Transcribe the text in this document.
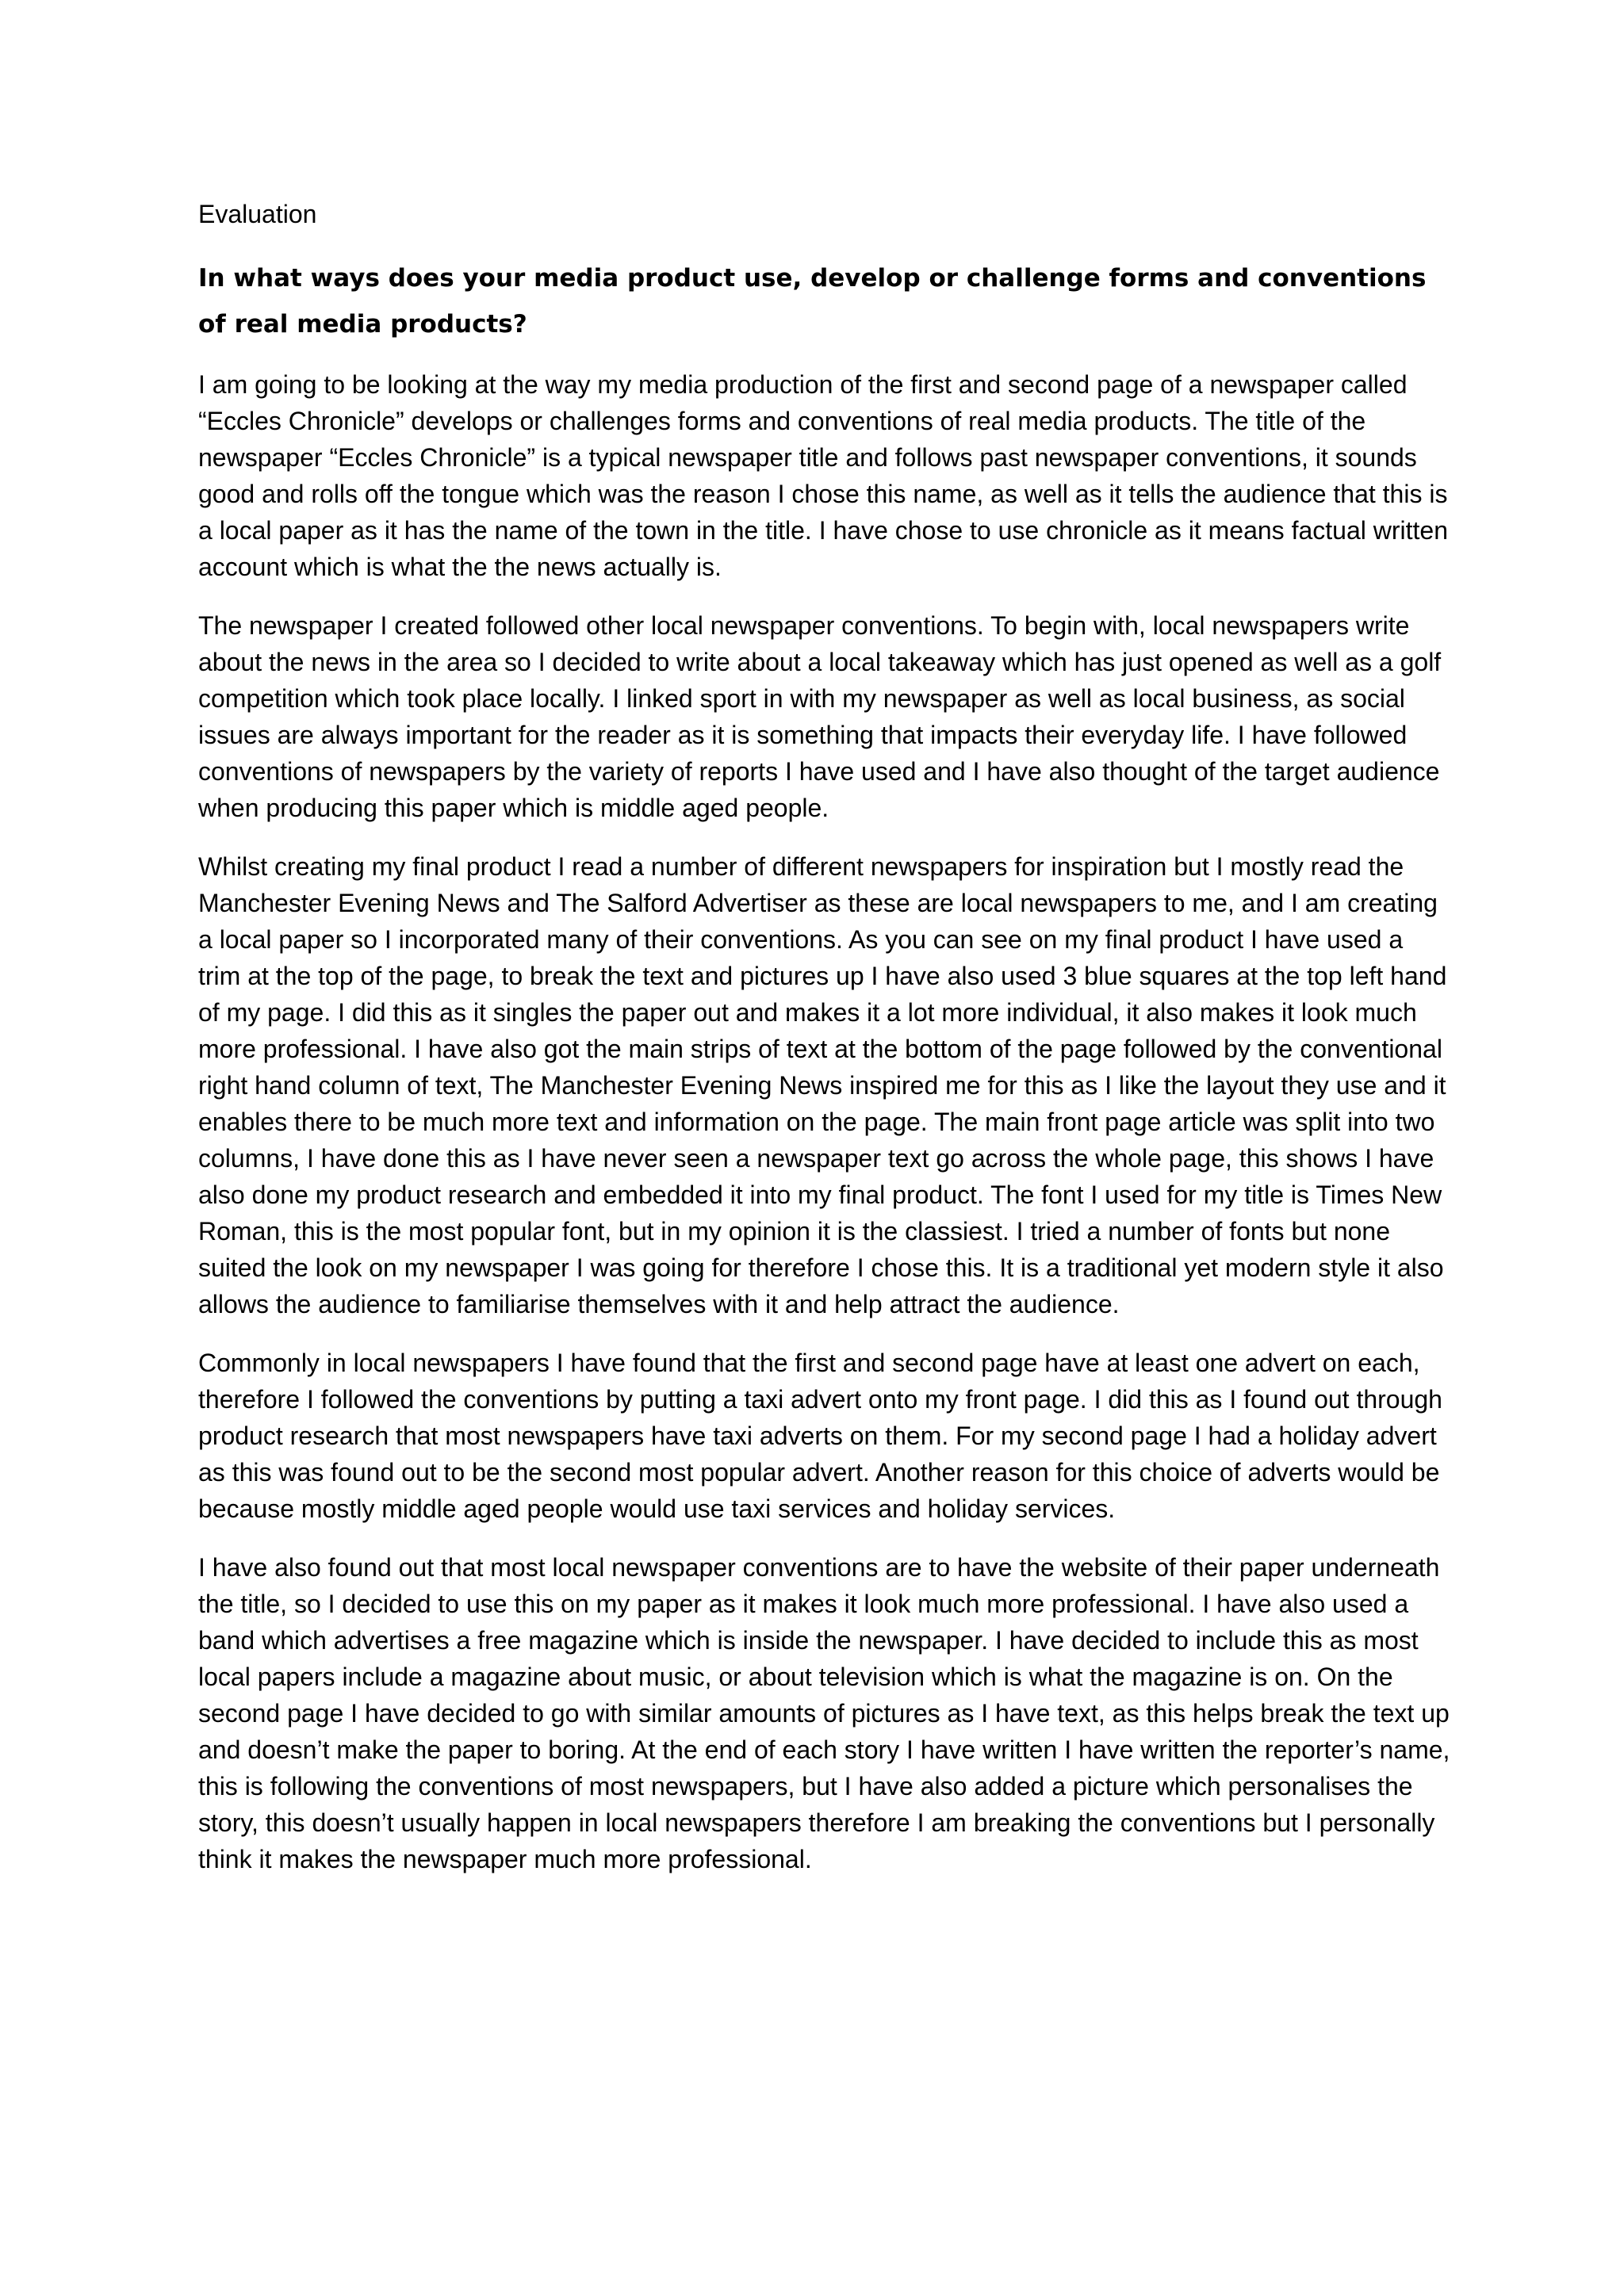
Evaluation
In what ways does your media product use, develop or challenge forms and conventions of real media products?

I am going to be looking at the way my media production of the first and second page of a newspaper called “Eccles Chronicle” develops or challenges forms and conventions of real media products. The title of the newspaper “Eccles Chronicle” is a typical newspaper title and follows past newspaper conventions, it sounds good and rolls off the tongue which was the reason I chose this name, as well as it tells the audience that this is a local paper as it has the name of the town in the title. I have chose to use chronicle as it means factual written account which is what the the news actually is.

The newspaper I created followed other local newspaper conventions. To begin with, local newspapers write about the news in the area so I decided to write about a local takeaway which has just opened as well as a golf competition which took place locally. I linked sport in with my newspaper as well as local business, as social issues are always important for the reader as it is something that impacts their everyday life. I have followed conventions of newspapers by the variety of reports I have used and I have also thought of the target audience when producing this paper which is middle aged people.

Whilst creating my final product I read a number of different newspapers for inspiration but I mostly read the Manchester Evening News and The Salford Advertiser as these are local newspapers to me, and I am creating a local paper so I incorporated many of their conventions. As you can see on my final product I have used a trim at the top of the page, to break the text and pictures up I have also used 3 blue squares at the top left hand of my page. I did this as it singles the paper out and makes it a lot more individual, it also makes it look much more professional. I have also got the main strips of text at the bottom of the page followed by the conventional right hand column of text, The Manchester Evening News inspired me for this as I like the layout they use and it enables there to be much more text and information on the page. The main front page article was split into two columns, I have done this as I have never seen a newspaper text go across the whole page, this shows I have also done my product research and embedded it into my final product. The font I used for my title is Times New Roman, this is the most popular font, but in my opinion it is the classiest. I tried a number of fonts but none suited the look on my newspaper I was going for therefore I chose this. It is a traditional yet modern style it also allows the audience to familiarise themselves with it and help attract the audience.

Commonly in local newspapers I have found that the first and second page have at least one advert on each, therefore I followed the conventions by putting a taxi advert onto my front page. I did this as I found out through product research that most newspapers have taxi adverts on them. For my second page I had a holiday advert as this was found out to be the second most popular advert. Another reason for this choice of adverts would be because mostly middle aged people would use taxi services and holiday services.

I have also found out that most local newspaper conventions are to have the website of their paper underneath the title, so I decided to use this on my paper as it makes it look much more professional. I have also used a band which advertises a free magazine which is inside the newspaper. I have decided to include this as most local papers include a magazine about music, or about television which is what the magazine is on. On the second page I have decided to go with similar amounts of pictures as I have text, as this helps break the text up and doesn’t make the paper to boring. At the end of each story I have written I have written the reporter’s name, this is following the conventions of most newspapers, but I have also added a picture which personalises the story, this doesn’t usually happen in local newspapers therefore I am breaking the conventions but I personally think it makes the newspaper much more professional.
